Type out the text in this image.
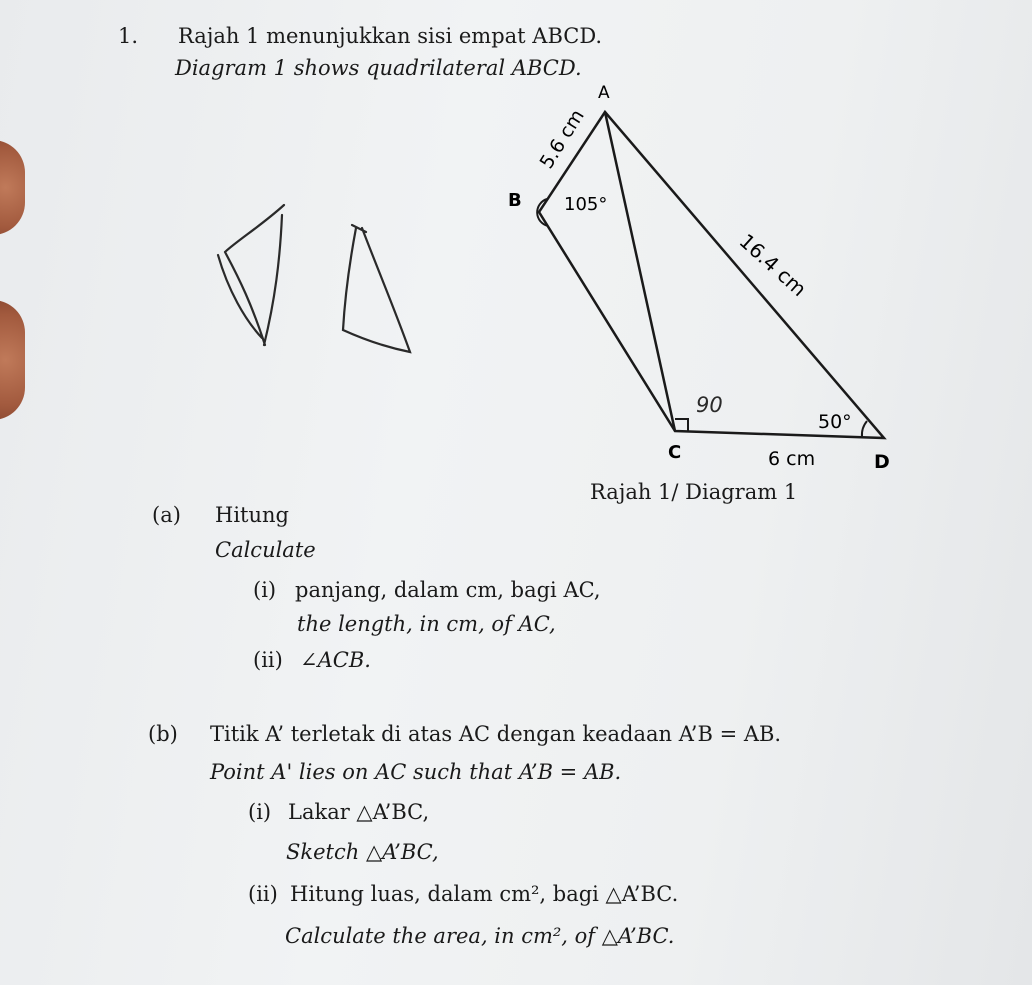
1. Rajah 1 menunjukkan sisi empat ABCD.
Diagram 1 shows quadrilateral ABCD.
A
B
C	D
5.6 cm
16.4 cm
6 cm
105°
50°
90
Rajah 1/ Diagram 1
(a) Hitung
Calculate
(i) panjang, dalam cm, bagi AC,
the length, in cm, of AC,
(ii) ∠ACB.
(b) Titik A’ terletak di atas AC dengan keadaan A’B = AB.
Point A' lies on AC such that A’B = AB.
(i) Lakar △A’BC,
Sketch △A’BC,
(ii) Hitung luas, dalam cm², bagi △A’BC.
Calculate the area, in cm², of △A’BC.
